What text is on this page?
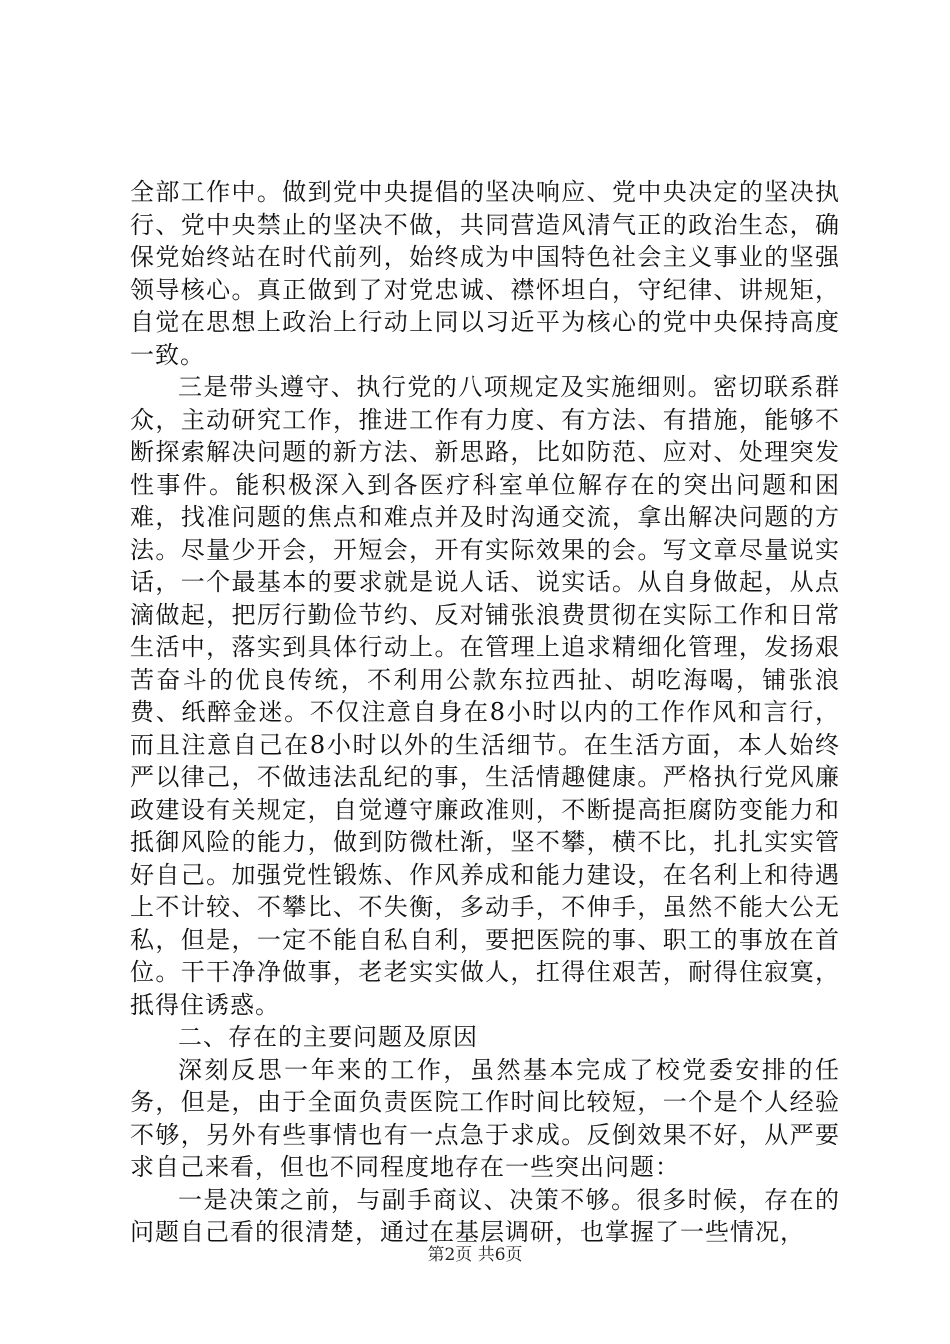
全部工作中。做到党中央提倡的坚决响应、党中央决定的坚决执行、党中央禁止的坚决不做，共同营造风清气正的政治生态，确保党始终站在时代前列，始终成为中国特色社会主义事业的坚强领导核心。真正做到了对党忠诚、襟怀坦白，守纪律、讲规矩，自觉在思想上政治上行动上同以习近平为核心的党中央保持高度一致。

三是带头遵守、执行党的八项规定及实施细则。密切联系群众，主动研究工作，推进工作有力度、有方法、有措施，能够不断探索解决问题的新方法、新思路，比如防范、应对、处理突发性事件。能积极深入到各医疗科室单位解存在的突出问题和困难，找准问题的焦点和难点并及时沟通交流，拿出解决问题的方法。尽量少开会，开短会，开有实际效果的会。写文章尽量说实话，一个最基本的要求就是说人话、说实话。从自身做起，从点滴做起，把厉行勤俭节约、反对铺张浪费贯彻在实际工作和日常生活中，落实到具体行动上。在管理上追求精细化管理，发扬艰苦奋斗的优良传统，不利用公款东拉西扯、胡吃海喝，铺张浪费、纸醉金迷。不仅注意自身在8小时以内的工作作风和言行，而且注意自己在8小时以外的生活细节。在生活方面，本人始终严以律己，不做违法乱纪的事，生活情趣健康。严格执行党风廉政建设有关规定，自觉遵守廉政准则，不断提高拒腐防变能力和抵御风险的能力，做到防微杜渐，坚不攀，横不比，扎扎实实管好自己。加强党性锻炼、作风养成和能力建设，在名利上和待遇上不计较、不攀比、不失衡，多动手，不伸手，虽然不能大公无私，但是，一定不能自私自利，要把医院的事、职工的事放在首位。干干净净做事，老老实实做人，扛得住艰苦，耐得住寂寞，抵得住诱惑。

二、存在的主要问题及原因

深刻反思一年来的工作，虽然基本完成了校党委安排的任务，但是，由于全面负责医院工作时间比较短，一个是个人经验不够，另外有些事情也有一点急于求成。反倒效果不好，从严要求自己来看，但也不同程度地存在一些突出问题：

一是决策之前，与副手商议、决策不够。很多时候，存在的问题自己看的很清楚，通过在基层调研，也掌握了一些情况，

第2页 共6页
